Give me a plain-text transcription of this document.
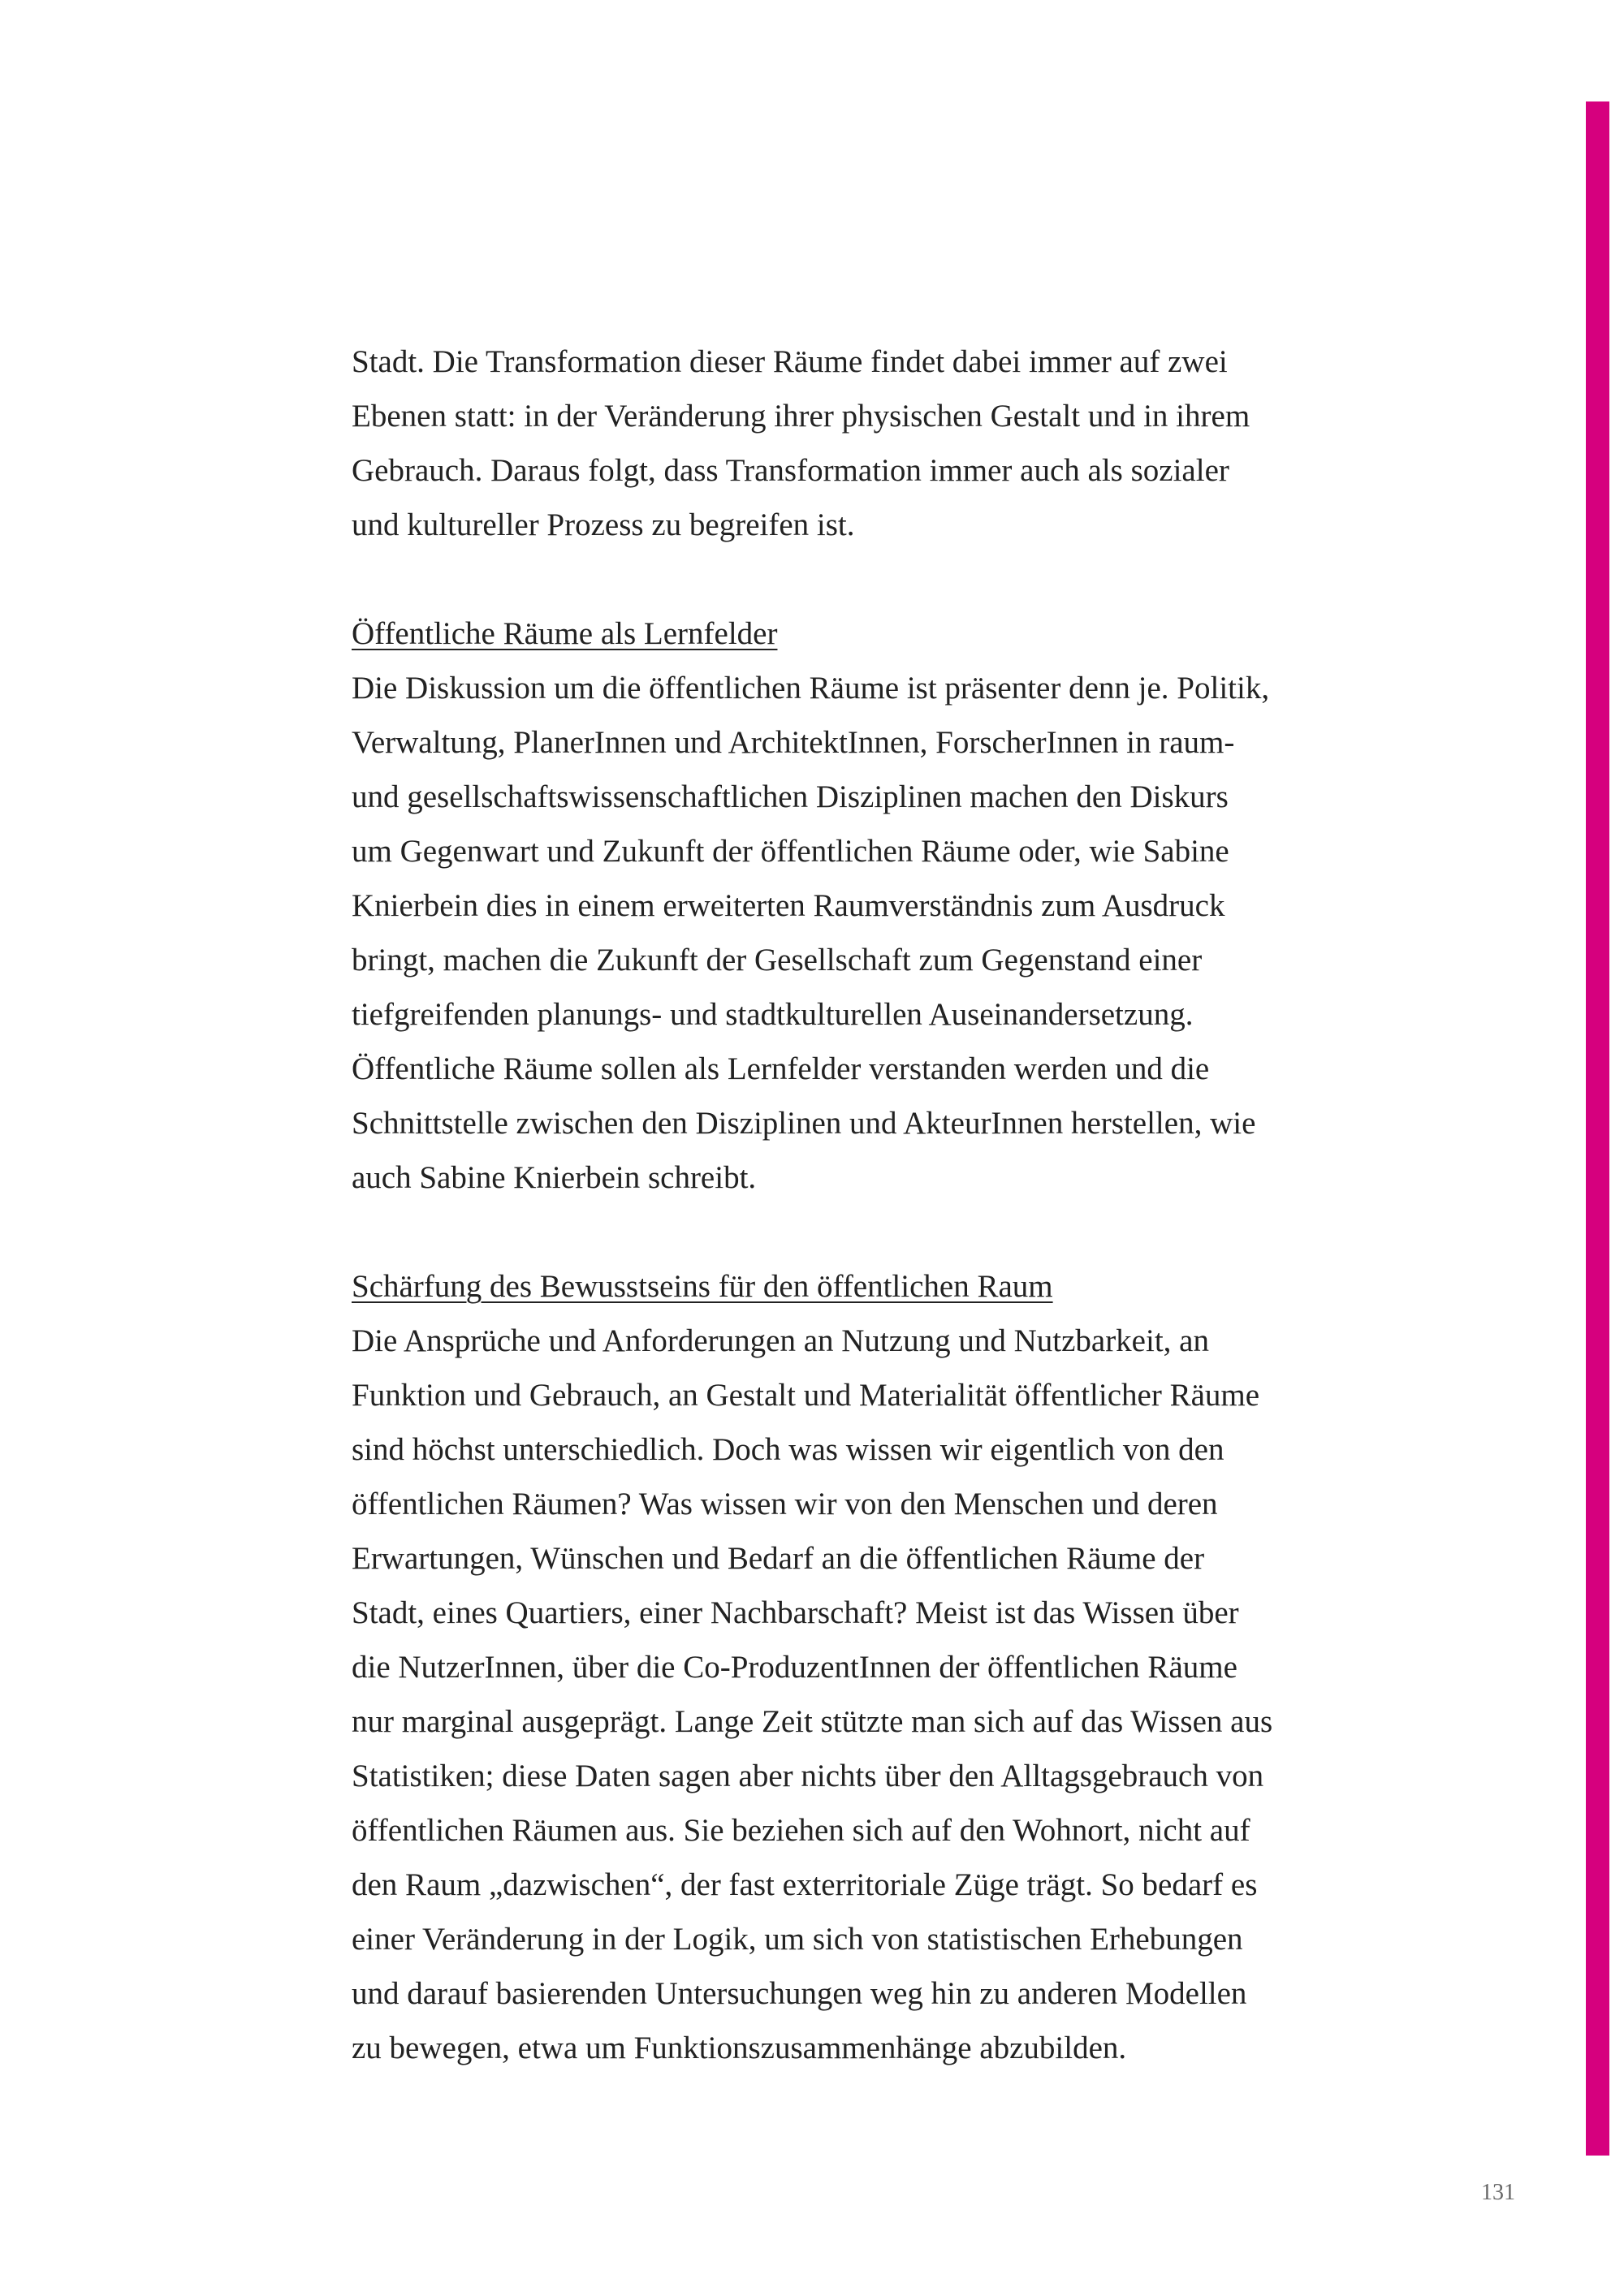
Stadt. Die Transformation dieser Räume findet dabei immer auf zwei
Ebenen statt: in der Veränderung ihrer physischen Gestalt und in ihrem
Gebrauch. Daraus folgt, dass Transformation immer auch als sozialer
und kultureller Prozess zu begreifen ist.

Öffentliche Räume als Lernfelder

Die Diskussion um die öffentlichen Räume ist präsenter denn je. Politik,
Verwaltung, PlanerInnen und ArchitektInnen, ForscherInnen in raum-
und gesellschaftswissenschaftlichen Disziplinen machen den Diskurs
um Gegenwart und Zukunft der öffentlichen Räume oder, wie Sabine
Knierbein dies in einem erweiterten Raumverständnis zum Ausdruck
bringt, machen die Zukunft der Gesellschaft zum Gegenstand einer
tiefgreifenden planungs- und stadtkulturellen Auseinandersetzung.
Öffentliche Räume sollen als Lernfelder verstanden werden und die
Schnittstelle zwischen den Disziplinen und AkteurInnen herstellen, wie
auch Sabine Knierbein schreibt.

Schärfung des Bewusstseins für den öffentlichen Raum

Die Ansprüche und Anforderungen an Nutzung und Nutzbarkeit, an
Funktion und Gebrauch, an Gestalt und Materialität öffentlicher Räume
sind höchst unterschiedlich. Doch was wissen wir eigentlich von den
öffentlichen Räumen? Was wissen wir von den Menschen und deren
Erwartungen, Wünschen und Bedarf an die öffentlichen Räume der
Stadt, eines Quartiers, einer Nachbarschaft? Meist ist das Wissen über
die NutzerInnen, über die Co-ProduzentInnen der öffentlichen Räume
nur marginal ausgeprägt. Lange Zeit stützte man sich auf das Wissen aus
Statistiken; diese Daten sagen aber nichts über den Alltagsgebrauch von
öffentlichen Räumen aus. Sie beziehen sich auf den Wohnort, nicht auf
den Raum „dazwischen“, der fast exterritoriale Züge trägt. So bedarf es
einer Veränderung in der Logik, um sich von statistischen Erhebungen
und darauf basierenden Untersuchungen weg hin zu anderen Modellen
zu bewegen, etwa um Funktionszusammenhänge abzubilden.

131
